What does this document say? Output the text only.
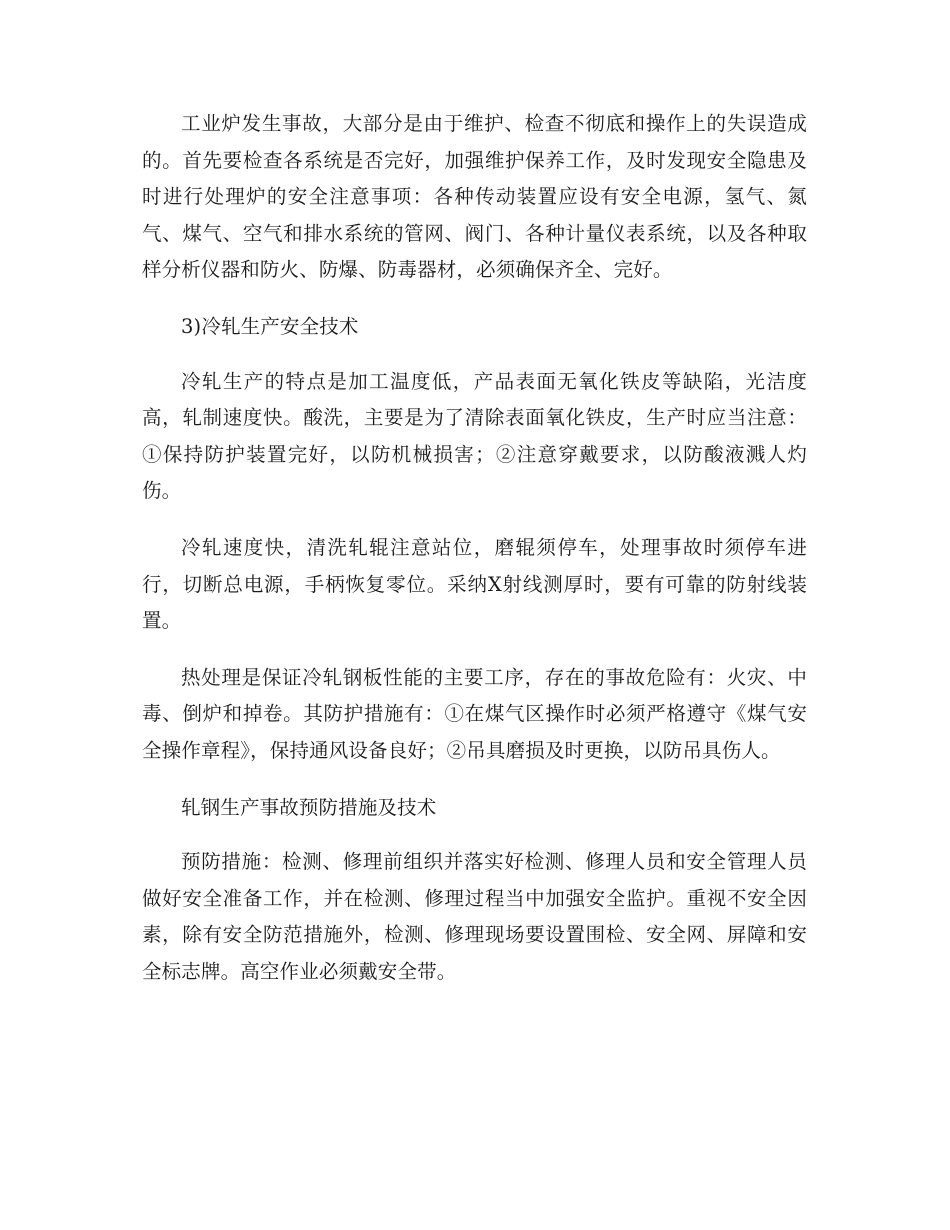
工业炉发生事故，大部分是由于维护、检查不彻底和操作上的失误造成的。首先要检查各系统是否完好，加强维护保养工作，及时发现安全隐患及时进行处理炉的安全注意事项：各种传动装置应设有安全电源，氢气、氮气、煤气、空气和排水系统的管网、阀门、各种计量仪表系统，以及各种取样分析仪器和防火、防爆、防毒器材，必须确保齐全、完好。

3)冷轧生产安全技术

冷轧生产的特点是加工温度低，产品表面无氧化铁皮等缺陷，光洁度高，轧制速度快。酸洗，主要是为了清除表面氧化铁皮，生产时应当注意：①保持防护装置完好，以防机械损害；②注意穿戴要求，以防酸液溅人灼伤。

冷轧速度快，清洗轧辊注意站位，磨辊须停车，处理事故时须停车进行，切断总电源，手柄恢复零位。采纳X射线测厚时，要有可靠的防射线装置。

热处理是保证冷轧钢板性能的主要工序，存在的事故危险有：火灾、中毒、倒炉和掉卷。其防护措施有：①在煤气区操作时必须严格遵守《煤气安全操作章程》，保持通风设备良好；②吊具磨损及时更换，以防吊具伤人。

轧钢生产事故预防措施及技术

预防措施：检测、修理前组织并落实好检测、修理人员和安全管理人员做好安全准备工作，并在检测、修理过程当中加强安全监护。重视不安全因素，除有安全防范措施外，检测、修理现场要设置围检、安全网、屏障和安全标志牌。高空作业必须戴安全带。
